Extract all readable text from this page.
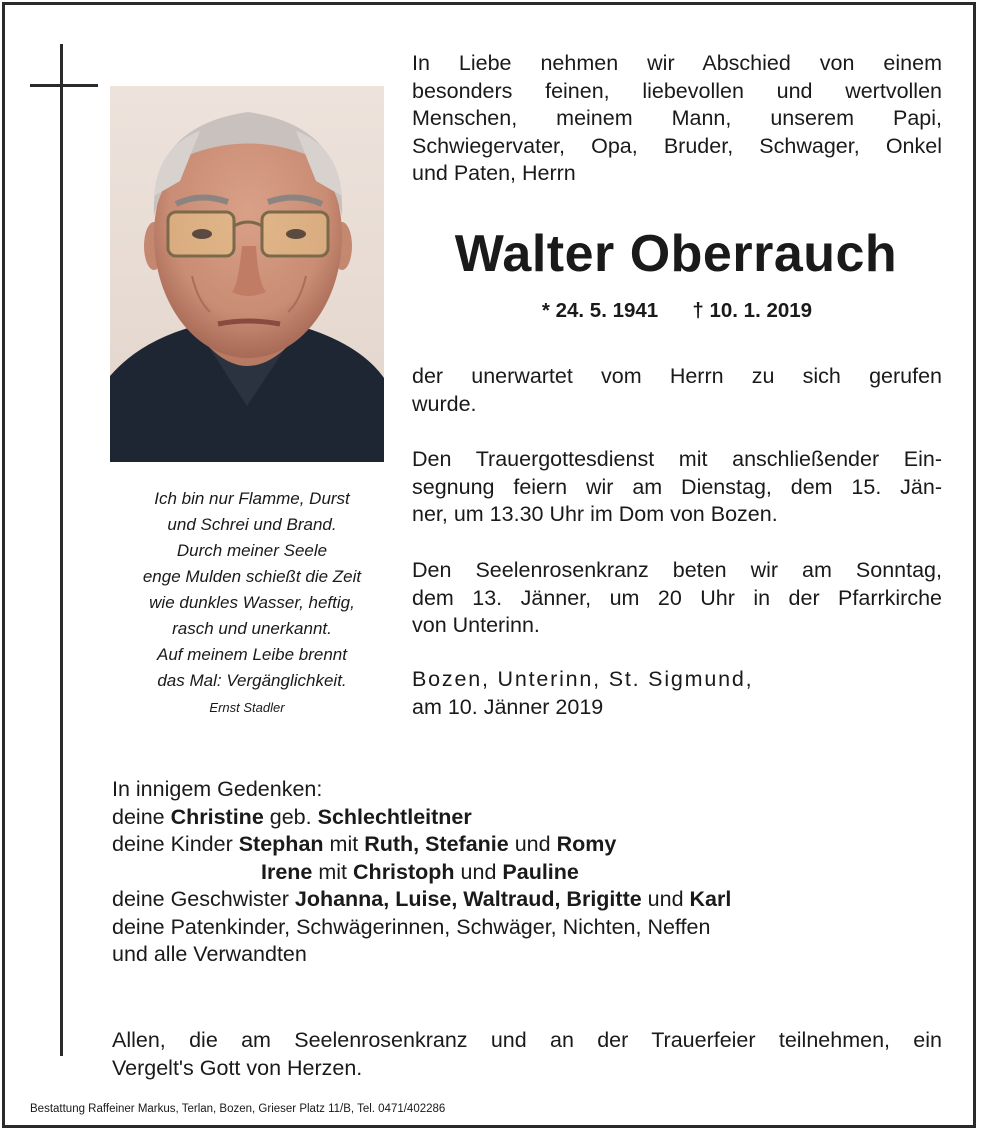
Ich bin nur Flamme, Durst
und Schrei und Brand.
Durch meiner Seele
enge Mulden schießt die Zeit
wie dunkles Wasser, heftig,
rasch und unerkannt.
Auf meinem Leibe brennt
das Mal: Vergänglichkeit.
Ernst Stadler
In Liebe nehmen wir Abschied von einem
besonders feinen, liebevollen und wertvollen
Menschen, meinem Mann, unserem Papi,
Schwiegervater, Opa, Bruder, Schwager, Onkel
und Paten, Herrn
Walter Oberrauch
* 24. 5. 1941 † 10. 1. 2019
der unerwartet vom Herrn zu sich gerufen
wurde.
Den Trauergottesdienst mit anschließender Ein-
segnung feiern wir am Dienstag, dem 15. Jän-
ner, um 13.30 Uhr im Dom von Bozen.
Den Seelenrosenkranz beten wir am Sonntag,
dem 13. Jänner, um 20 Uhr in der Pfarrkirche
von Unterinn.
Bozen, Unterinn, St. Sigmund,
am 10. Jänner 2019
In innigem Gedenken:
deine Christine geb. Schlechtleitner
deine Kinder Stephan mit Ruth, Stefanie und Romy
Irene mit Christoph und Pauline
deine Geschwister Johanna, Luise, Waltraud, Brigitte und Karl
deine Patenkinder, Schwägerinnen, Schwäger, Nichten, Neffen
und alle Verwandten
Allen, die am Seelenrosenkranz und an der Trauerfeier teilnehmen, ein
Vergelt's Gott von Herzen.
Bestattung Raffeiner Markus, Terlan, Bozen, Grieser Platz 11/B, Tel. 0471/402286
